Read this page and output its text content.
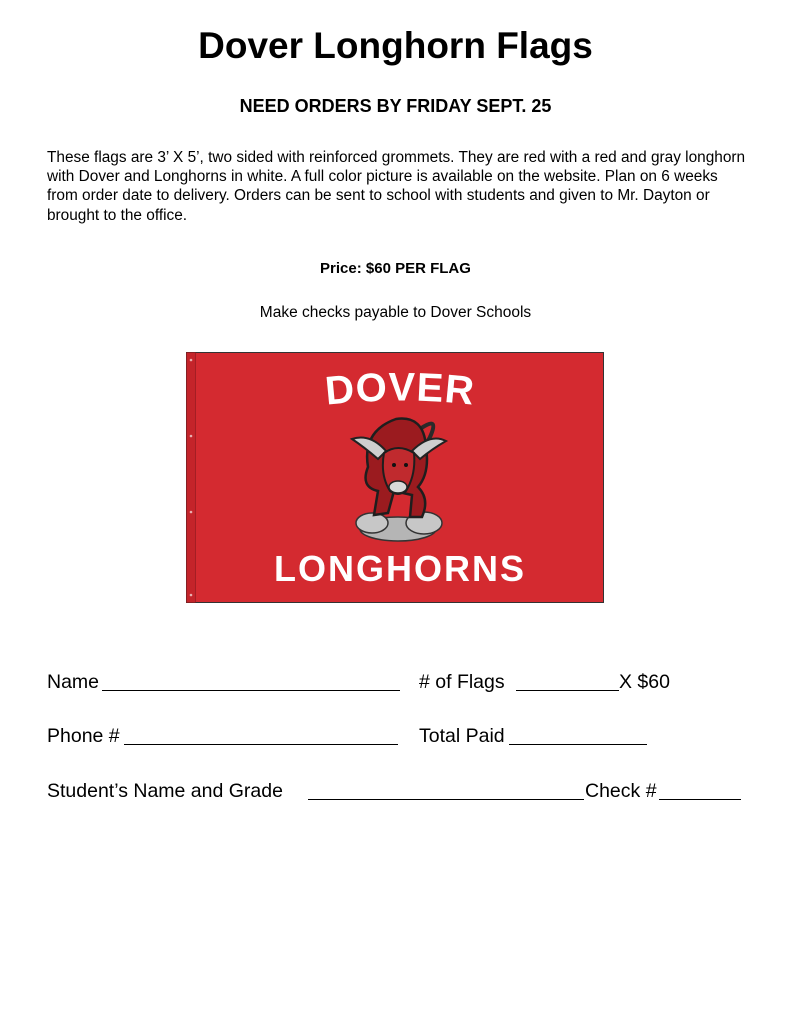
Dover Longhorn Flags
NEED ORDERS BY FRIDAY SEPT. 25

These flags are 3’ X 5’, two sided with reinforced grommets. They are red with a red and gray longhorn with Dover and Longhorns in white. A full color picture is available on the website. Plan on 6 weeks from order date to delivery. Orders can be sent to school with students and given to Mr. Dayton or brought to the office.

Price: $60 PER FLAG
Make checks payable to Dover Schools
DOVER
LONGHORNS
Name	# of Flags	X $60
Phone #	Total Paid
Student’s Name and Grade	Check #
